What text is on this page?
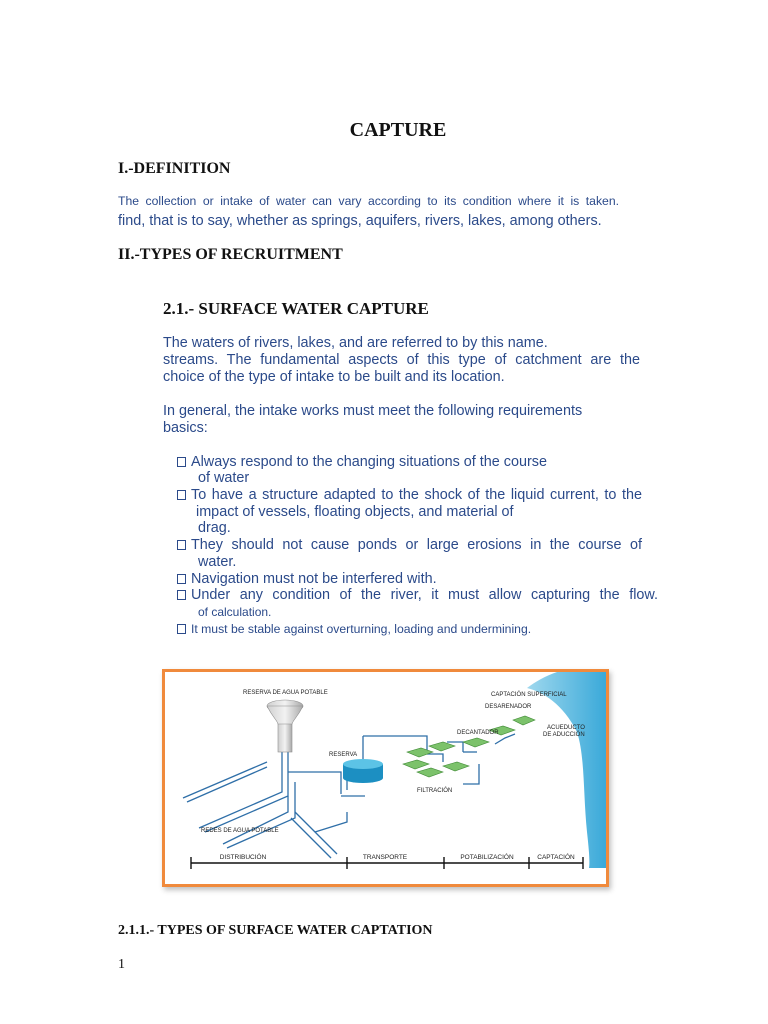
CAPTURE
I.-DEFINITION
The collection or intake of water can vary according to its condition where it is taken.
find, that is to say, whether as springs, aquifers, rivers, lakes, among others.
II.-TYPES OF RECRUITMENT
2.1.- SURFACE WATER CAPTURE
The waters of rivers, lakes, and are referred to by this name.
streams. The fundamental aspects of this type of catchment are the
choice of the type of intake to be built and its location.
In general, the intake works must meet the following requirements
basics:
Always respond to the changing situations of the course
of water
To have a structure adapted to the shock of the liquid current, to the
impact of vessels, floating objects, and material of
drag.
They should not cause ponds or large erosions in the course of
water.
Navigation must not be interfered with.
Under any condition of the river, it must allow capturing the flow.
of calculation.
It must be stable against overturning, loading and undermining.
RESERVA DE AGUA POTABLE
RESERVA
REDES DE AGUA POTABLE
FILTRACIÓN
DECANTADOR
DESARENADOR
CAPTACIÓN SUPERFICIAL
ACUEDUCTO
DE ADUCCIÓN
DISTRIBUCIÓN	TRANSPORTE	POTABILIZACIÓN	CAPTACIÓN
2.1.1.- TYPES OF SURFACE WATER CAPTATION
1
